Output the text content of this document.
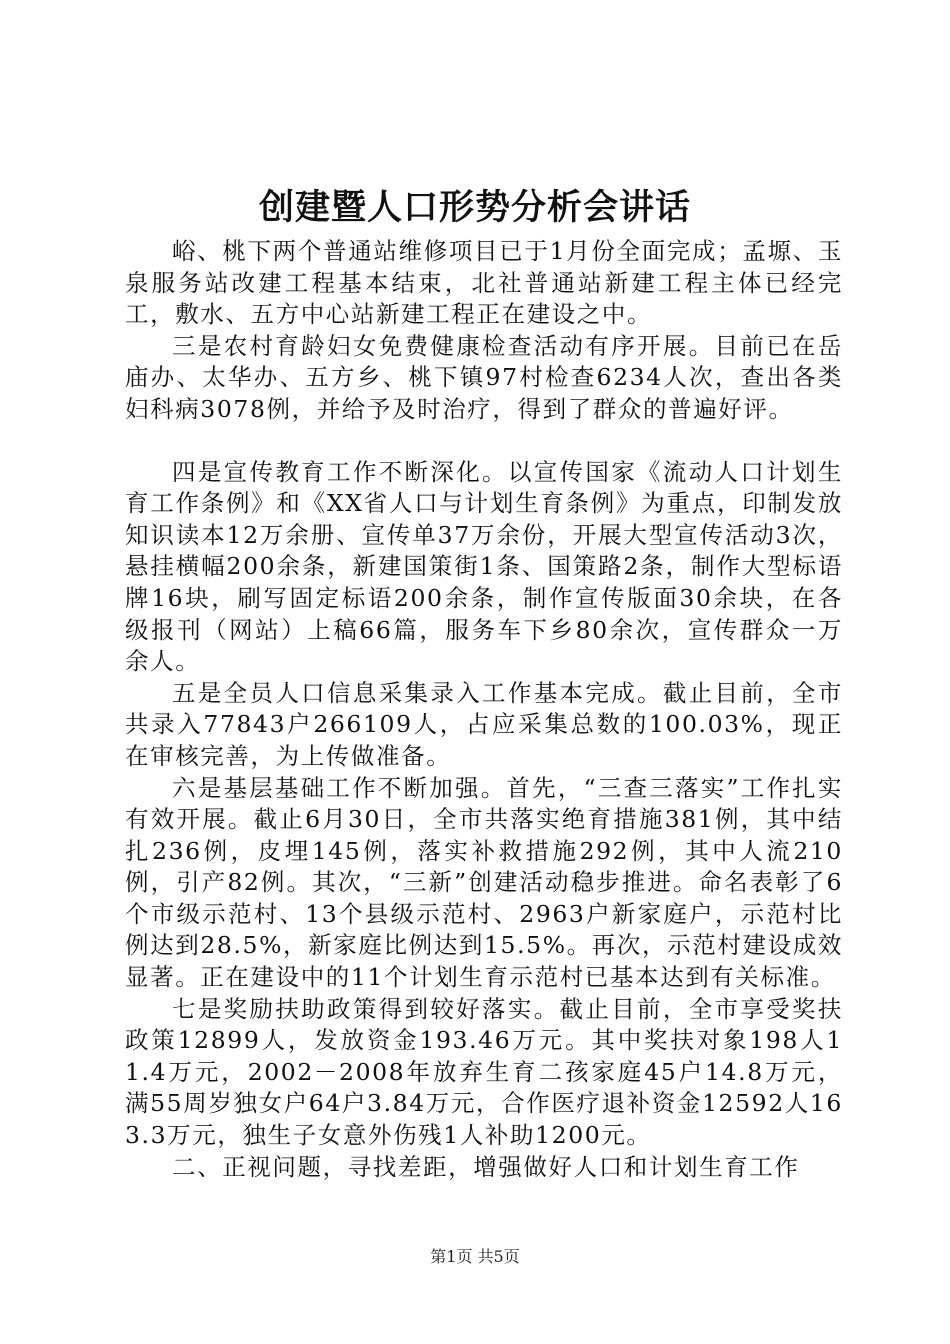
创建暨人口形势分析会讲话

峪、桃下两个普通站维修项目已于1月份全面完成；孟塬、玉泉服务站改建工程基本结束，北社普通站新建工程主体已经完工，敷水、五方中心站新建工程正在建设之中。

三是农村育龄妇女免费健康检查活动有序开展。目前已在岳庙办、太华办、五方乡、桃下镇97村检查6234人次，查出各类妇科病3078例，并给予及时治疗，得到了群众的普遍好评。

四是宣传教育工作不断深化。以宣传国家《流动人口计划生育工作条例》和《XX省人口与计划生育条例》为重点，印制发放知识读本12万余册、宣传单37万余份，开展大型宣传活动3次，悬挂横幅200余条，新建国策街1条、国策路2条，制作大型标语牌16块，刷写固定标语200余条，制作宣传版面30余块，在各级报刊（网站）上稿66篇，服务车下乡80余次，宣传群众一万余人。

五是全员人口信息采集录入工作基本完成。截止目前，全市共录入77843户266109人，占应采集总数的100.03%，现正在审核完善，为上传做准备。

六是基层基础工作不断加强。首先，“三查三落实”工作扎实有效开展。截止6月30日，全市共落实绝育措施381例，其中结扎236例，皮埋145例，落实补救措施292例，其中人流210例，引产82例。其次，“三新”创建活动稳步推进。命名表彰了6个市级示范村、13个县级示范村、2963户新家庭户，示范村比例达到28.5%，新家庭比例达到15.5%。再次，示范村建设成效显著。正在建设中的11个计划生育示范村已基本达到有关标准。

七是奖励扶助政策得到较好落实。截止目前，全市享受奖扶政策12899人，发放资金193.46万元。其中奖扶对象198人11.4万元，2002－2008年放弃生育二孩家庭45户14.8万元，满55周岁独女户64户3.84万元，合作医疗退补资金12592人163.3万元，独生子女意外伤残1人补助1200元。

二、正视问题，寻找差距，增强做好人口和计划生育工作

第1页 共5页
